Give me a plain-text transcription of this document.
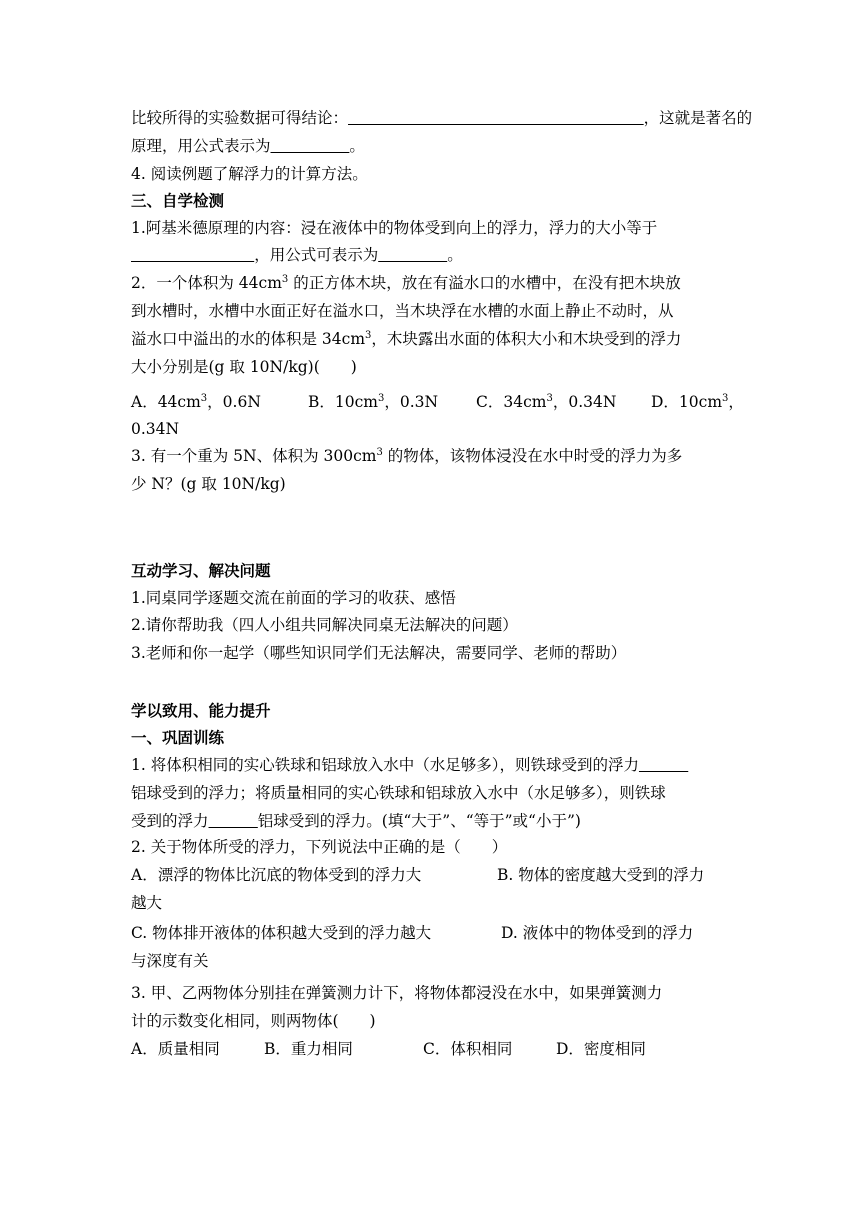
比较所得的实验数据可得结论：	，这就是著名的
原理，用公式表示为	。
4. 阅读例题了解浮力的计算方法。
三、自学检测
1.阿基米德原理的内容：浸在液体中的物体受到向上的浮力，浮力的大小等于
，用公式可表示为	。
2．一个体积为 $44cm^3$ 的正方体木块，放在有溢水口的水槽中，在没有把木块放
到水槽时，水槽中水面正好在溢水口，当木块浮在水槽的水面上静止不动时，从
溢水口中溢出的水的体积是 $34cm^3$，木块露出水面的体积大小和木块受到的浮力
大小分别是(g 取 10N/kg)(　　)
A．$44cm^3$，0.6N	B．$10cm^3$，0.3N C．$34cm^3$，0.34N D．$10cm^3$，
0.34N
3. 有一个重为 5N、体积为 $300cm^3$ 的物体，该物体浸没在水中时受的浮力为多
少 N？(g 取 10N/kg)
互动学习、解决问题
1.同桌同学逐题交流在前面的学习的收获、感悟
2.请你帮助我（四人小组共同解决同桌无法解决的问题）
3.老师和你一起学（哪些知识同学们无法解决，需要同学、老师的帮助）
学以致用、能力提升
一、巩固训练
1. 将体积相同的实心铁球和铝球放入水中（水足够多），则铁球受到的浮力
铝球受到的浮力；将质量相同的实心铁球和铝球放入水中（水足够多），则铁球
受到的浮力	铝球受到的浮力。(填“大于”、“等于”或“小于”)
2. 关于物体所受的浮力，下列说法中正确的是（　　）
A．漂浮的物体比沉底的物体受到的浮力大	B. 物体的密度越大受到的浮力
越大
C. 物体排开液体的体积越大受到的浮力越大	D. 液体中的物体受到的浮力
与深度有关
3. 甲、乙两物体分别挂在弹簧测力计下，将物体都浸没在水中，如果弹簧测力
计的示数变化相同，则两物体(　　)
A．质量相同	B．重力相同	C．体积相同	D．密度相同
